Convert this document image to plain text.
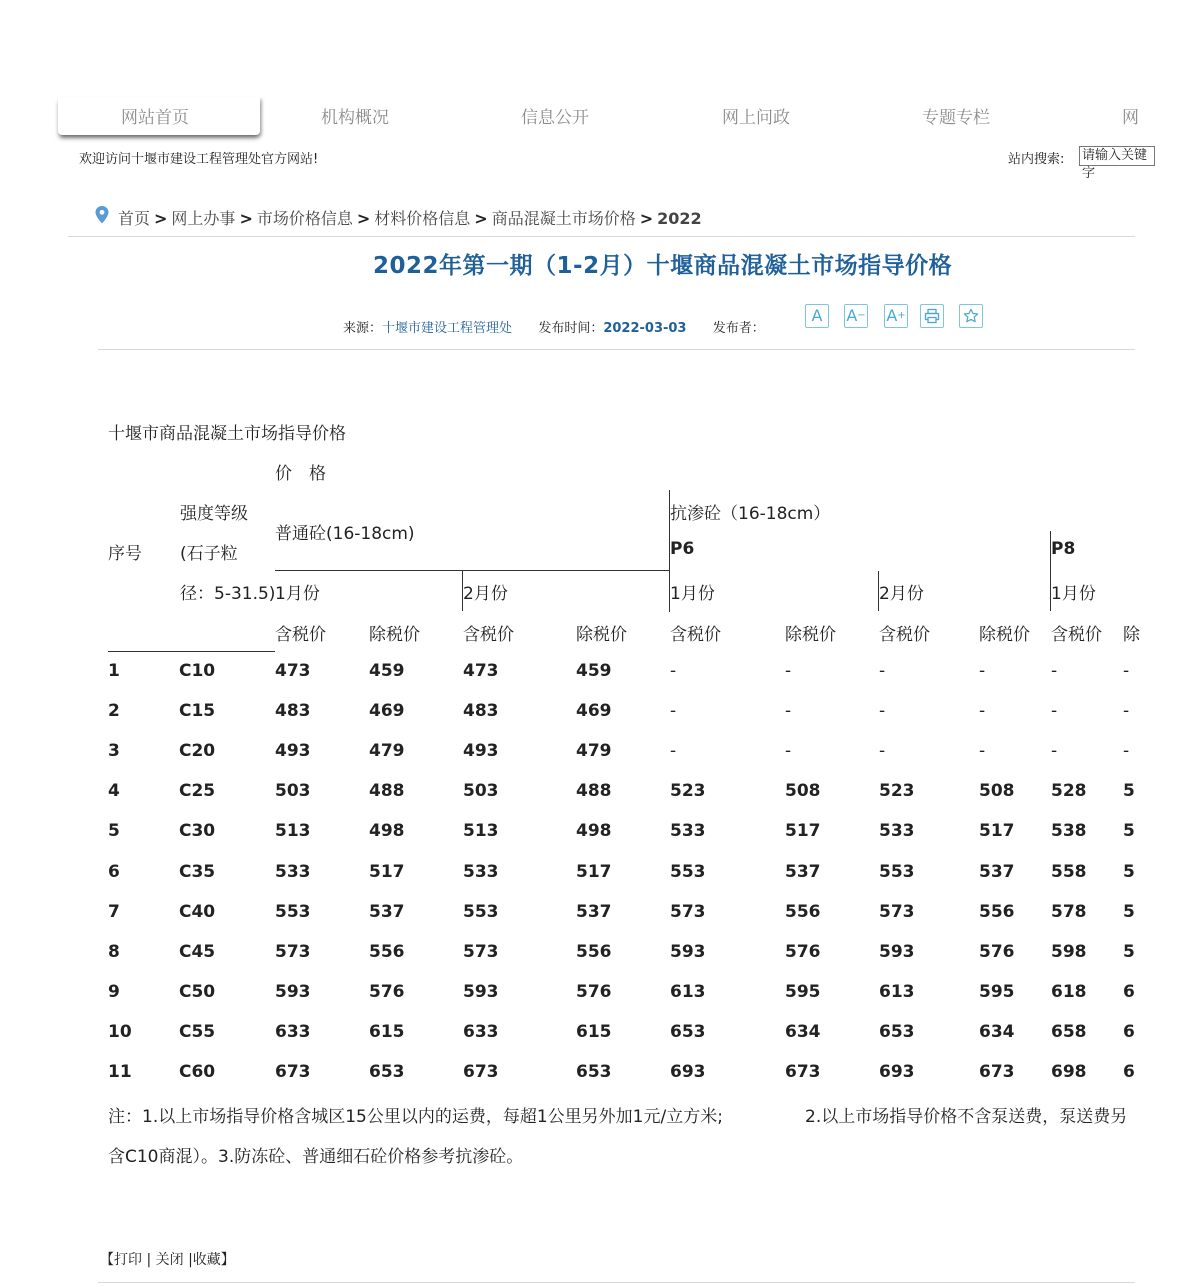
网站首页	机构概况	信息公开	网上问政	专题专栏	网
欢迎访问十堰市建设工程管理处官方网站!	站内搜索: 请输入关键字
首页 > 网上办事 > 市场价格信息 > 材料价格信息 > 商品混凝土市场价格 > 2022
2022年第一期（1-2月）十堰商品混凝土市场指导价格
来源：十堰市建设工程管理处 发布时间：2022-03-03 发布者：
A	A− A+
十堰市商品混凝土市场指导价格
价　格
强度等级
(石子粒
径：5-31.5)
序号
普通砼(16-18cm)
抗渗砼（16-18cm）
P6	P8
1月份	2月份	1月份	2月份	1月份
含税价	除税价	含税价	除税价	含税价	除税价	含税价	除税价 含税价 除
1	C10	473	459	473	459	-	-	-	-	-	-
2	C15	483	469	483	469	-	-	-	-	-	-
3	C20	493	479	493	479	-	-	-	-	-	-
4	C25	503	488	503	488	523	508	523	508 528 5
5	C30	513	498	513	498	533	517	533	517 538 5
6	C35	533	517	533	517	553	537	553	537 558 5
7	C40	553	537	553	537	573	556	573	556 578 5
8	C45	573	556	573	556	593	576	593	576 598 5
9	C50	593	576	593	576	613	595	613	595 618 6
10	C55	633	615	633	615	653	634	653	634 658 6
11	C60	673	653	673	653	693	673	693	673 698 6
注：1.以上市场指导价格含城区15公里以内的运费，每超1公里另外加1元/立方米;	2.以上市场指导价格不含泵送费，泵送费另
含C10商混）。3.防冻砼、普通细石砼价格参考抗渗砼。
【打印 | 关闭 |收藏】
